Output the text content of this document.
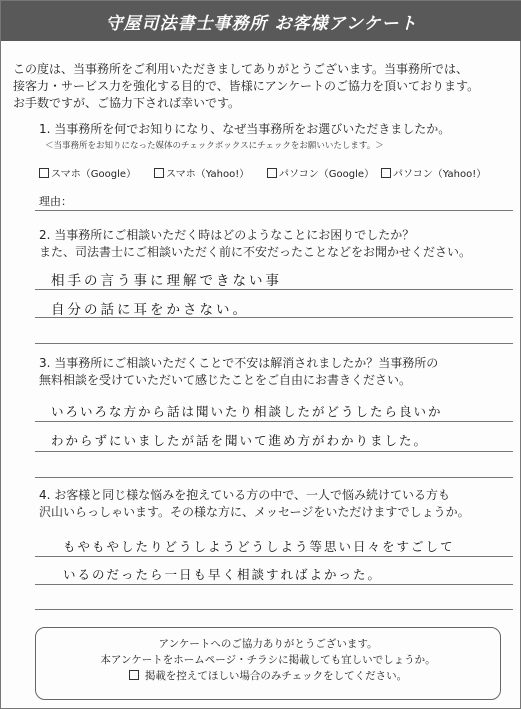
守屋司法書士事務所 お客様アンケート
この度は、当事務所をご利用いただきましてありがとうございます。当事務所では、
接客力・サービス力を強化する目的で、皆様にアンケートのご協力を頂いております。
お手数ですが、ご協力下されば幸いです。
1. 当事務所を何でお知りになり、なぜ当事務所をお選びいただきましたか。
＜当事務所をお知りになった媒体のチェックボックスにチェックをお願いいたします。＞
スマホ（Google）	スマホ（Yahoo!）	パソコン（Google）	パソコン（Yahoo!）
理由：
2. 当事務所にご相談いただく時はどのようなことにお困りでしたか？
また、司法書士にご相談いただく前に不安だったことなどをお聞かせください。
相手の言う事に理解できない事
自分の話に耳をかさない。
3. 当事務所にご相談いただくことで不安は解消されましたか？当事務所の
無料相談を受けていただいて感じたことをご自由にお書きください。
いろいろな方から話は聞いたり相談したがどうしたら良いか
わからずにいましたが話を聞いて進め方がわかりました。
4. お客様と同じ様な悩みを抱えている方の中で、一人で悩み続けている方も
沢山いらっしゃいます。その様な方に、メッセージをいただけますでしょうか。
もやもやしたりどうしようどうしよう等思い日々をすごして
いるのだったら一日も早く相談すればよかった。
アンケートへのご協力ありがとうございます。
本アンケートをホームページ・チラシに掲載しても宜しいでしょうか。
掲載を控えてほしい場合のみチェックをしてください。
